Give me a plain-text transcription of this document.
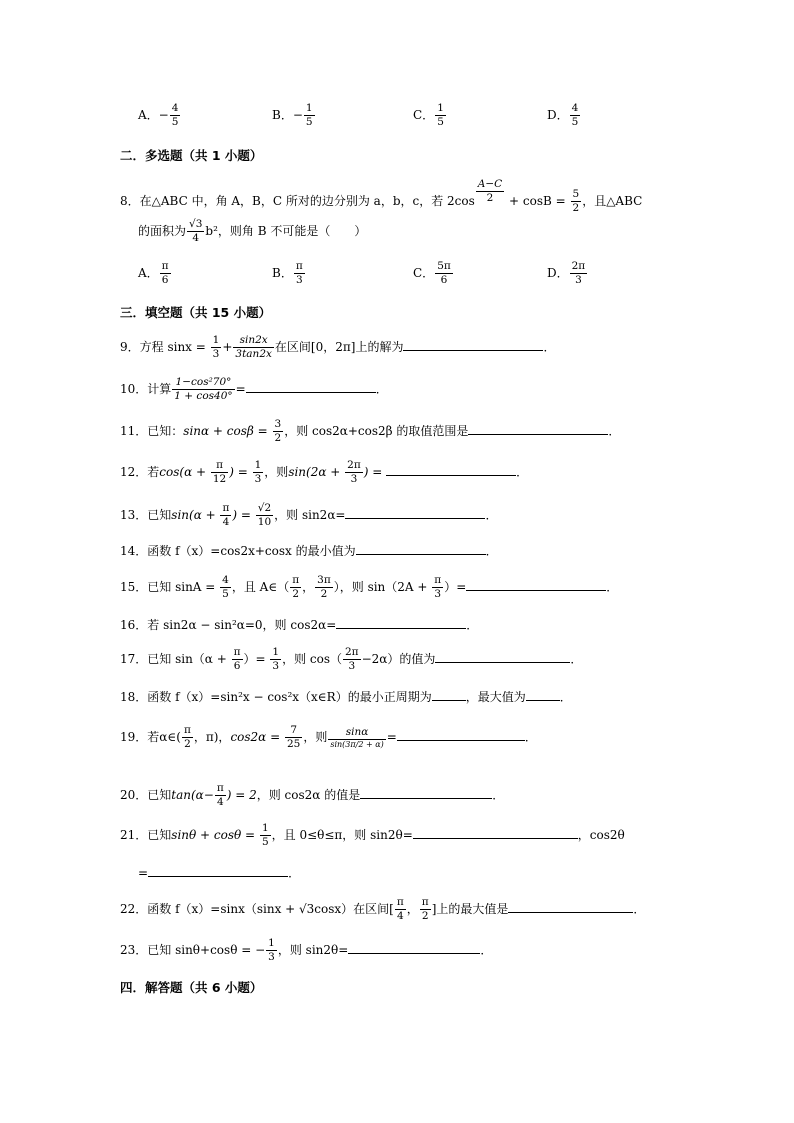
A．− $\frac{4}{5}$	B．− $\frac{1}{5}$	C． $\frac{1}{5}$	D． $\frac{4}{5}$
二．多选题（共 1 小题）
8．在△ABC 中，角 A，B，C 所对的边分别为 a，b，c，若 $2\cos \frac{A-C}{2} + \cos B = \frac{5}{2}$ ，且△ABC
的面积为 $\frac{√3}{4} b^2$，则角 B 不可能是（　　）
A． $\frac{\pi}{6}$	B． $\frac{\pi}{3}$	C． $\frac{5\pi}{6}$	D． $\frac{2\pi}{3}$
三．填空题（共 15 小题）
9．方程 $\sin x = \frac{1}{3} + \frac{\sin 2x}{3\tan 2x}$ 在区间[0，2π]上的解为	．
10．计算 $\frac{\text{1−cos²70°}}{1 + \cos 40^\circ}$ =	．
11．已知：$\sin\alpha + \cos\beta = \frac{3}{2}$ ，则 cos2α+cos2β 的取值范围是	．
12．若$\cos(\alpha + \frac{\pi}{12}$ ) = $\frac{1}{3}$ ，则$\sin(2\alpha + \frac{2\pi}{3}$ ) =	．
13．已知$\sin(\alpha + \frac{\pi}{4}$ ) = $\frac{√2}{10}$ ，则 sin2α=	．
14．函数 f（x）=cos2x+cosx 的最小值为	．
15．已知 $\sin A = \frac{4}{5}$ ，且 A∈（ $\frac{\pi}{2}$ ， $\frac{3\pi}{2}$ ），则 $\sin(2A + \frac{\pi}{3}$ ）=	．
16．若 sin2α − sin²α=0，则 cos2α=	．
17．已知 $\sin(\alpha + \frac{\pi}{6}$ ）= $\frac{1}{3}$ ，则 $\cos( \frac{2\pi}{3} -2\alpha)$的值为	．
18．函数 f（x）=sin²x − cos²x（x∈R）的最小正周期为	，最大值为	．
19．若α∈( $\frac{\pi}{2}$ ，π)，$\cos 2\alpha = \frac{7}{25}$ ，则 $\frac{\sin\alpha}{\sin(3\pi/2 + \alpha)}$ =	．
20．已知$\tan(\alpha- \frac{\pi}{4}$ ) = 2，则 cos2α 的值是	．
21．已知$\sin\theta + \cos\theta = \frac{1}{5}$ ，且 0≤θ≤π，则 sin2θ=	，cos2θ
=	．
22．函数 f（x）=sinx（sinx + √3cosx）在区间[ $\frac{\pi}{4}$ ， $\frac{\pi}{2}$ ]上的最大值是	．
23．已知 sinθ+cosθ = − $\frac{1}{3}$ ，则 sin2θ=	．
四．解答题（共 6 小题）
